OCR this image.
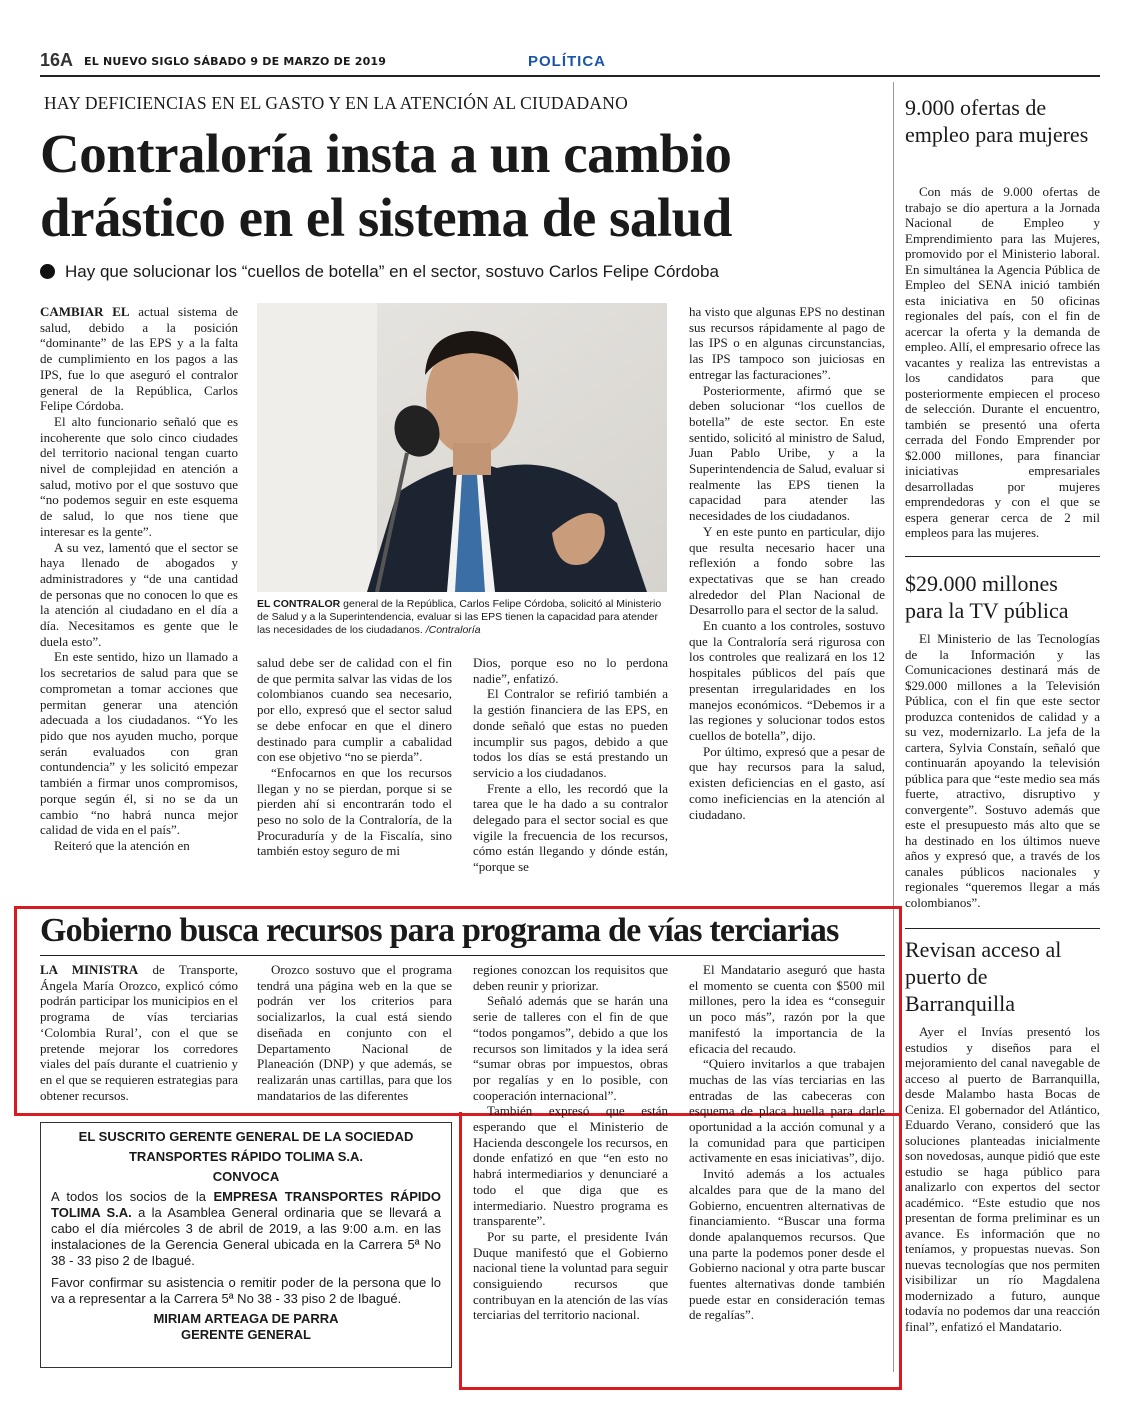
16A EL NUEVO SIGLO SÁBADO 9 DE MARZO DE 2019	POLÍTICA
HAY DEFICIENCIAS EN EL GASTO Y EN LA ATENCIÓN AL CIUDADANO
Contraloría insta a un cambio
drástico en el sistema de salud
Hay que solucionar los “cuellos de botella” en el sector, sostuvo Carlos Felipe Córdoba

CAMBIAR EL actual sistema de salud, debido a la posición “dominante” de las EPS y a la falta de cumplimiento en los pagos a las IPS, fue lo que aseguró el contralor general de la República, Carlos Felipe Córdoba.

El alto funcionario señaló que es incoherente que solo cinco ciudades del territorio nacional tengan cuarto nivel de complejidad en atención a salud, motivo por el que sostuvo que “no podemos seguir en este esquema de salud, lo que nos tiene que interesar es la gente”.

A su vez, lamentó que el sector se haya llenado de abogados y administradores y “de una cantidad de personas que no conocen lo que es la atención al ciudadano en el día a día. Necesitamos es gente que le duela esto”.

En este sentido, hizo un llamado a los secretarios de salud para que se comprometan a tomar acciones que permitan generar una atención adecuada a los ciudadanos. “Yo les pido que nos ayuden mucho, porque serán evaluados con gran contundencia” y les solicitó empezar también a firmar unos compromisos, porque según él, si no se da un cambio “no habrá nunca mejor calidad de vida en el país”.

Reiteró que la atención en

EL CONTRALOR general de la República, Carlos Felipe Córdoba, solicitó al Ministerio de Salud y a la Superintendencia, evaluar si las EPS tienen la capacidad para atender las necesidades de los ciudadanos. /Contraloría

salud debe ser de calidad con el fin de que permita salvar las vidas de los colombianos cuando sea necesario, por ello, expresó que el sector salud se debe enfocar en que el dinero destinado para cumplir a cabalidad con ese objetivo “no se pierda”.

“Enfocarnos en que los recursos llegan y no se pierdan, porque si se pierden ahí si encontrarán todo el peso no solo de la Contraloría, de la Procuraduría y de la Fiscalía, sino también estoy seguro de mi

Dios, porque eso no lo perdona nadie”, enfatizó.

El Contralor se refirió también a la gestión financiera de las EPS, en donde señaló que estas no pueden incumplir sus pagos, debido a que todos los días se está prestando un servicio a los ciudadanos.

Frente a ello, les recordó que la tarea que le ha dado a su contralor delegado para el sector social es que vigile la frecuencia de los recursos, cómo están llegando y dónde están, “porque se

ha visto que algunas EPS no destinan sus recursos rápidamente al pago de las IPS o en algunas circunstancias, las IPS tampoco son juiciosas en entregar las facturaciones”.

Posteriormente, afirmó que se deben solucionar “los cuellos de botella” de este sector. En este sentido, solicitó al ministro de Salud, Juan Pablo Uribe, y a la Superintendencia de Salud, evaluar si realmente las EPS tienen la capacidad para atender las necesidades de los ciudadanos.

Y en este punto en particular, dijo que resulta necesario hacer una reflexión a fondo sobre las expectativas que se han creado alrededor del Plan Nacional de Desarrollo para el sector de la salud.

En cuanto a los controles, sostuvo que la Contraloría será rigurosa con los controles que realizará en los 12 hospitales públicos del país que presentan irregularidades en los manejos económicos. “Debemos ir a las regiones y solucionar todos estos cuellos de botella”, dijo.

Por último, expresó que a pesar de que hay recursos para la salud, existen deficiencias en el gasto, así como ineficiencias en la atención al ciudadano.

9.000 ofertas de empleo para mujeres

Con más de 9.000 ofertas de trabajo se dio apertura a la Jornada Nacional de Empleo y Emprendimiento para las Mujeres, promovido por el Ministerio laboral. En simultánea la Agencia Pública de Empleo del SENA inició también esta iniciativa en 50 oficinas regionales del país, con el fin de acercar la oferta y la demanda de empleo. Allí, el empresario ofrece las vacantes y realiza las entrevistas a los candidatos para que posteriormente empiecen el proceso de selección. Durante el encuentro, también se presentó una oferta cerrada del Fondo Emprender por $2.000 millones, para financiar iniciativas empresariales desarrolladas por mujeres emprendedoras y con el que se espera generar cerca de 2 mil empleos para las mujeres.

$29.000 millones para la TV pública

El Ministerio de las Tecnologías de la Información y las Comunicaciones destinará más de $29.000 millones a la Televisión Pública, con el fin que este sector produzca contenidos de calidad y a su vez, modernizarlo. La jefa de la cartera, Sylvia Constaín, señaló que continuarán apoyando la televisión pública para que “este medio sea más fuerte, atractivo, disruptivo y convergente”. Sostuvo además que este el presupuesto más alto que se ha destinado en los últimos nueve años y expresó que, a través de los canales públicos nacionales y regionales “queremos llegar a más colombianos”.

Revisan acceso al puerto de Barranquilla

Ayer el Invías presentó los estudios y diseños para el mejoramiento del canal navegable de acceso al puerto de Barranquilla, desde Malambo hasta Bocas de Ceniza. El gobernador del Atlántico, Eduardo Verano, consideró que las soluciones planteadas inicialmente son novedosas, aunque pidió que este estudio se haga público para analizarlo con expertos del sector académico. “Este estudio que nos presentan de forma preliminar es un avance. Es información que no teníamos, y propuestas nuevas. Son nuevas tecnologías que nos permiten visibilizar un río Magdalena modernizado a futuro, aunque todavía no podemos dar una reacción final”, enfatizó el Mandatario.

Gobierno busca recursos para programa de vías terciarias

LA MINISTRA de Transporte, Ángela María Orozco, explicó cómo podrán participar los municipios en el programa de vías terciarias ‘Colombia Rural’, con el que se pretende mejorar los corredores viales del país durante el cuatrienio y en el que se requieren estrategias para obtener recursos.

Orozco sostuvo que el programa tendrá una página web en la que se podrán ver los criterios para socializarlos, la cual está siendo diseñada en conjunto con el Departamento Nacional de Planeación (DNP) y que además, se realizarán unas cartillas, para que los mandatarios de las diferentes

regiones conozcan los requisitos que deben reunir y priorizar.

Señaló además que se harán una serie de talleres con el fin de que “todos pongamos”, debido a que los recursos son limitados y la idea será “sumar obras por impuestos, obras por regalías y en lo posible, con cooperación internacional”.

También expresó que están esperando que el Ministerio de Hacienda descongele los recursos, en donde enfatizó en que “en esto no habrá intermediarios y denunciaré a todo el que diga que es intermediario. Nuestro programa es transparente”.

Por su parte, el presidente Iván Duque manifestó que el Gobierno nacional tiene la voluntad para seguir consiguiendo recursos que contribuyan en la atención de las vías terciarias del territorio nacional.

El Mandatario aseguró que hasta el momento se cuenta con $500 mil millones, pero la idea es “conseguir un poco más”, razón por la que manifestó la importancia de la eficacia del recaudo.

“Quiero invitarlos a que trabajen muchas de las vías terciarias en las entradas de las cabeceras con esquema de placa huella para darle oportunidad a la acción comunal y a la comunidad para que participen activamente en esas iniciativas”, dijo.

Invitó además a los actuales alcaldes para que de la mano del Gobierno, encuentren alternativas de financiamiento. “Buscar una forma donde apalanquemos recursos. Que una parte la podemos poner desde el Gobierno nacional y otra parte buscar fuentes alternativas donde también puede estar en consideración temas de regalías”.

EL SUSCRITO GERENTE GENERAL DE LA SOCIEDAD
TRANSPORTES RÁPIDO TOLIMA S.A.
CONVOCA
A todos los socios de la EMPRESA TRANSPORTES RÁPIDO TOLIMA S.A. a la Asamblea General ordinaria que se llevará a cabo el día miércoles 3 de abril de 2019, a las 9:00 a.m. en las instalaciones de la Gerencia General ubicada en la Carrera 5ª No 38 - 33 piso 2 de Ibagué.
Favor confirmar su asistencia o remitir poder de la persona que lo va a representar a la Carrera 5ª No 38 - 33 piso 2 de Ibagué.
MIRIAM ARTEAGA DE PARRA
GERENTE GENERAL
